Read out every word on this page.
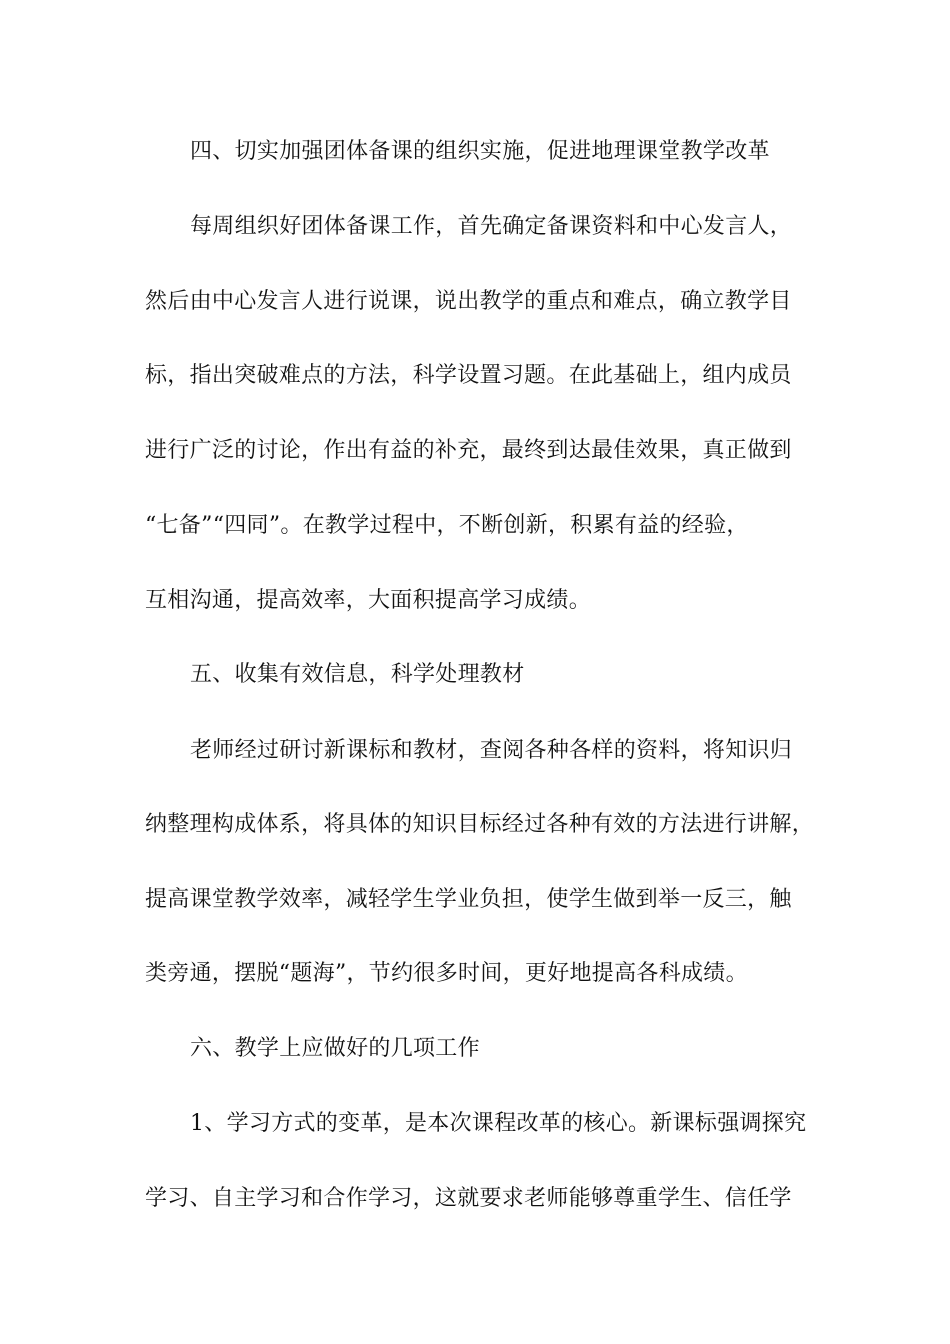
四、切实加强团体备课的组织实施，促进地理课堂教学改革
每周组织好团体备课工作，首先确定备课资料和中心发言人，
然后由中心发言人进行说课，说出教学的重点和难点，确立教学目
标，指出突破难点的方法，科学设置习题。在此基础上，组内成员
进行广泛的讨论，作出有益的补充，最终到达最佳效果，真正做到
“七备”“四同”。在教学过程中，不断创新，积累有益的经验，
互相沟通，提高效率，大面积提高学习成绩。
五、收集有效信息，科学处理教材
老师经过研讨新课标和教材，查阅各种各样的资料，将知识归
纳整理构成体系，将具体的知识目标经过各种有效的方法进行讲解，
提高课堂教学效率，减轻学生学业负担，使学生做到举一反三，触
类旁通，摆脱“题海”，节约很多时间，更好地提高各科成绩。
六、教学上应做好的几项工作
1、学习方式的变革，是本次课程改革的核心。新课标强调探究
学习、自主学习和合作学习，这就要求老师能够尊重学生、信任学
